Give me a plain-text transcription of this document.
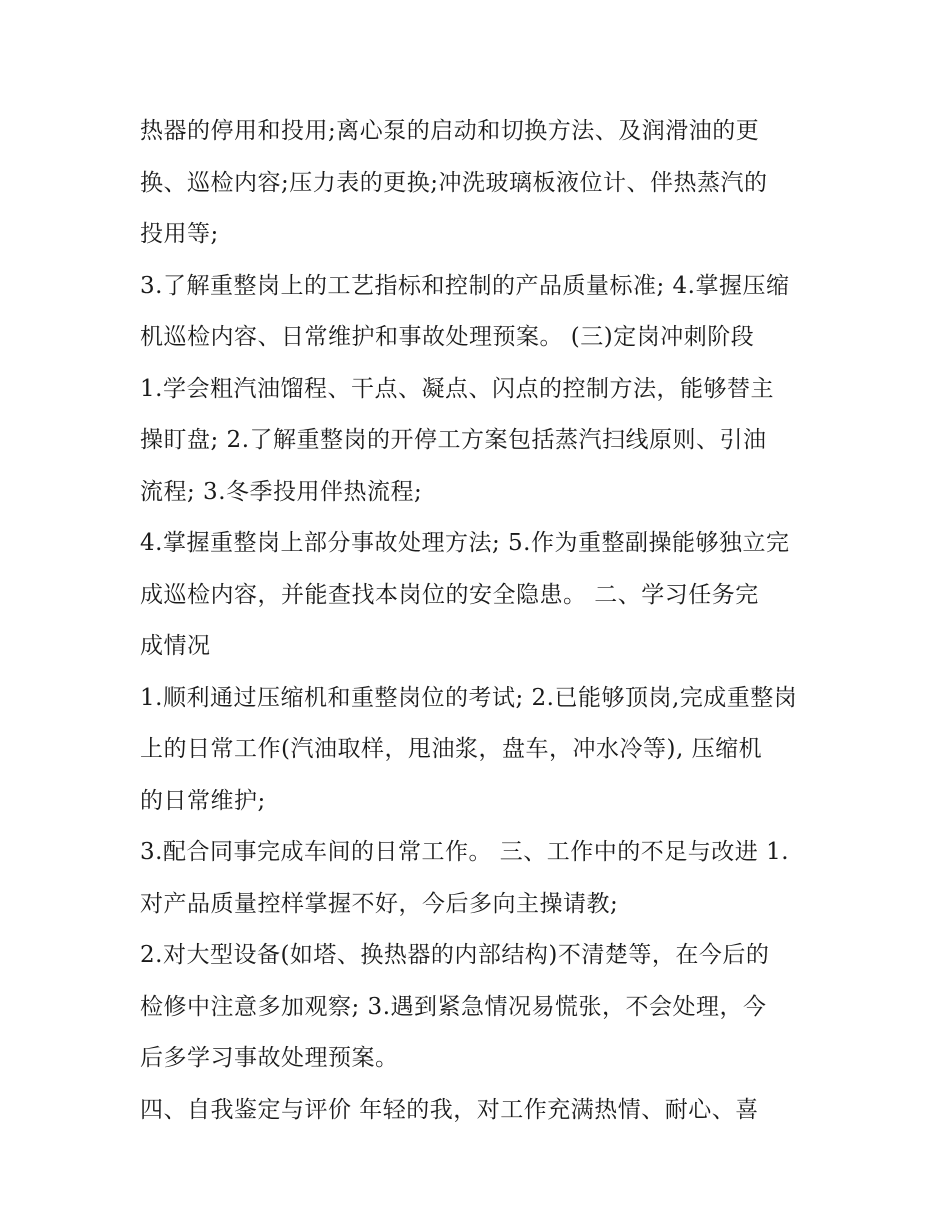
热器的停用和投用;离心泵的启动和切换方法、及润滑油的更
换、巡检内容;压力表的更换;冲洗玻璃板液位计、伴热蒸汽的
投用等;
3.了解重整岗上的工艺指标和控制的产品质量标准; 4.掌握压缩
机巡检内容、日常维护和事故处理预案。 (三)定岗冲刺阶段
1.学会粗汽油馏程、干点、凝点、闪点的控制方法，能够替主
操盯盘; 2.了解重整岗的开停工方案包括蒸汽扫线原则、引油
流程; 3.冬季投用伴热流程;
4.掌握重整岗上部分事故处理方法; 5.作为重整副操能够独立完
成巡检内容，并能查找本岗位的安全隐患。 二、学习任务完
成情况
1.顺利通过压缩机和重整岗位的考试; 2.已能够顶岗,完成重整岗
上的日常工作(汽油取样，甩油浆，盘车，冲水冷等), 压缩机
的日常维护;
3.配合同事完成车间的日常工作。 三、工作中的不足与改进 1.
对产品质量控样掌握不好，今后多向主操请教;
2.对大型设备(如塔、换热器的内部结构)不清楚等，在今后的
检修中注意多加观察; 3.遇到紧急情况易慌张，不会处理，今
后多学习事故处理预案。
四、自我鉴定与评价 年轻的我，对工作充满热情、耐心、喜
